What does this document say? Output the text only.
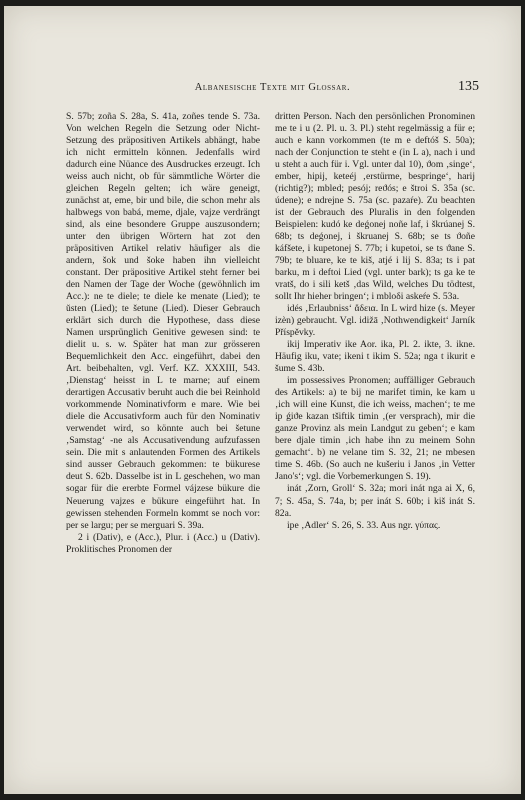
Albanesische Texte mit Glossar.	135

S. 57b; zoña S. 28a, S. 41a, zoñes tende S. 73a. Von welchen Regeln die Setzung oder Nicht-Setzung des präpositiven Artikels abhängt, habe ich nicht ermitteln können. Jedenfalls wird dadurch eine Nüance des Ausdruckes erzeugt. Ich weiss auch nicht, ob für sämmtliche Wörter die gleichen Regeln gelten; ich wäre geneigt, zunächst at, eme, bir und bile, die schon mehr als halbwegs von babá, meme, djale, vajze verdrängt sind, als eine besondere Gruppe auszusondern; unter den übrigen Wörtern hat zot den präpositiven Artikel relativ häufiger als die andern, šok und šoke haben ihn vielleicht constant. Der präpositive Artikel steht ferner bei den Namen der Tage der Woche (gewöhnlich im Acc.): ne te diele; te diele ke menate (Lied); te ŭsten (Lied); te šetune (Lied). Dieser Gebrauch erklärt sich durch die Hypothese, dass diese Namen ursprünglich Genitive gewesen sind: te dielit u. s. w. Später hat man zur grösseren Bequemlichkeit den Acc. eingeführt, dabei den Art. beibehalten, vgl. Verf. KZ. XXXIII, 543. ‚Dienstag‘ heisst in L te marne; auf einem derartigen Accusativ beruht auch die bei Reinhold vorkommende Nominativform e mare. Wie bei diele die Accusativform auch für den Nominativ verwendet wird, so könnte auch bei šetune ‚Samstag‘ -ne als Accusativendung aufzufassen sein. Die mit s anlautenden Formen des Artikels sind ausser Gebrauch gekommen: te bükurese deut S. 62b. Dasselbe ist in L geschehen, wo man sogar für die ererbte Formel vájzese bükure die Neuerung vajzes e bükure eingeführt hat. In gewissen stehenden Formeln kommt se noch vor: per se largu; per se merguari S. 39a.

2 i (Dativ), e (Acc.), Plur. i (Acc.) u (Dativ). Proklitisches Pronomen der

dritten Person. Nach den persönlichen Pronominen me te i u (2. Pl. u. 3. Pl.) steht regelmässig a für e; auch e kann vorkommen (te m e deftóš S. 50a); nach der Conjunction te steht e (in L a), nach i und u steht a auch für i. Vgl. unter dal 10), ϑom ‚singe‘, ember, hipij, keteéj ‚erstürme, bespringe‘, harij (richtig?); mbled; pesój; reϑós; e štroi S. 35a (sc. údene); e ndrejne S. 75a (sc. pazaŕe). Zu beachten ist der Gebrauch des Pluralis in den folgenden Beispielen: kudó ke deǵonej noñe laf, i škrúanej S. 68b; ts deǵonej, i škruanej S. 68b; se ts ϑoñe káfšete, i kupetonej S. 77b; i kupetoi, se ts ϑane S. 79b; te bluare, ke te kiš, atjé i lij S. 83a; ts i pat barku, m i deftoi Lied (vgl. unter bark); ts ga ke te vratš, do i sili ketš ‚das Wild, welches Du tödtest, sollt Ihr hieher bringen‘; i mbloδi askeŕe S. 53a.

idés ‚Erlaubniss‘ ἄδεια. In L wird hize (s. Meyer izèn) gebraucht. Vgl. idižā ‚Nothwendigkeit‘ Jarník Příspěvky.

ikij Imperativ ike Aor. ika, Pl. 2. ikte, 3. ikne. Häufig iku, vate; ikeni t ikim S. 52a; nga t ikurit e šume S. 43b.

im possessives Pronomen; auffälliger Gebrauch des Artikels: a) te bij ne marifet timin, ke kam u ‚ich will eine Kunst, die ich weiss, machen‘; te me ip ǵiϑe kazan tšiftik timin ‚(er versprach), mir die ganze Provinz als mein Landgut zu geben‘; e kam bere djale timin ‚ich habe ihn zu meinem Sohn gemacht‘. b) ne velane tim S. 32, 21; ne mbesen time S. 46b. (So auch ne kušeriu i Janos ‚in Vetter Jano's‘; vgl. die Vorbemerkungen S. 19).

inát ‚Zorn, Groll‘ S. 32a; mori inát nga ai X, 6, 7; S. 45a, S. 74a, b; per inát S. 60b; i kiš inát S. 82a.

ipe ‚Adler‘ S. 26, S. 33. Aus ngr. γύπας.
